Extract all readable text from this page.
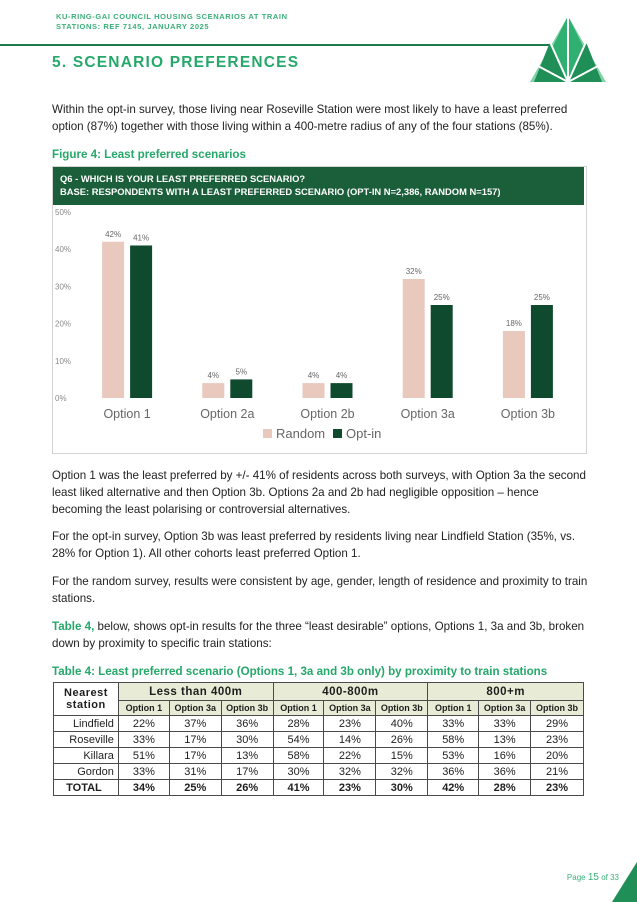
KU-RING-GAI COUNCIL HOUSING SCENARIOS AT TRAIN
STATIONS: REF 7145, JANUARY 2025
5. SCENARIO PREFERENCES
Within the opt-in survey, those living near Roseville Station were most likely to have a least preferred option (87%) together with those living within a 400-metre radius of any of the four stations (85%).
Figure 4: Least preferred scenarios
Q6 - WHICH IS YOUR LEAST PREFERRED SCENARIO?
BASE: RESPONDENTS WITH A LEAST PREFERRED SCENARIO (OPT-IN N=2,386, RANDOM N=157)
0%
10%
20%
30%
40%
50%
42% 41%
Option 1
4% 5%
Option 2a
4% 4%
Option 2b
32%
25%
Option 3a
18%
25%
Option 3b
Random Opt-in
Option 1 was the least preferred by +/- 41% of residents across both surveys, with Option 3a the second least liked alternative and then Option 3b. Options 2a and 2b had negligible opposition – hence becoming the least polarising or controversial alternatives.
For the opt-in survey, Option 3b was least preferred by residents living near Lindfield Station (35%, vs. 28% for Option 1). All other cohorts least preferred Option 1.
For the random survey, results were consistent by age, gender, length of residence and proximity to train stations.
Table 4, below, shows opt-in results for the three “least desirable” options, Options 1, 3a and 3b, broken down by proximity to specific train stations:
Table 4: Least preferred scenario (Options 1, 3a and 3b only) by proximity to train stations
Nearest
station	Less than 400m			400-800m			800+m		
	Option 1	Option 3a	Option 3b	Option 1	Option 3a	Option 3b	Option 1	Option 3a	Option 3b
Lindfield	22%	37%	36%	28%	23%	40%	33%	33%	29%
Roseville	33%	17%	30%	54%	14%	26%	58%	13%	23%
Killara	51%	17%	13%	58%	22%	15%	53%	16%	20%
Gordon	33%	31%	17%	30%	32%	32%	36%	36%	21%
TOTAL	34%	25%	26%	41%	23%	30%	42%	28%	23%
Page 15 of 33
